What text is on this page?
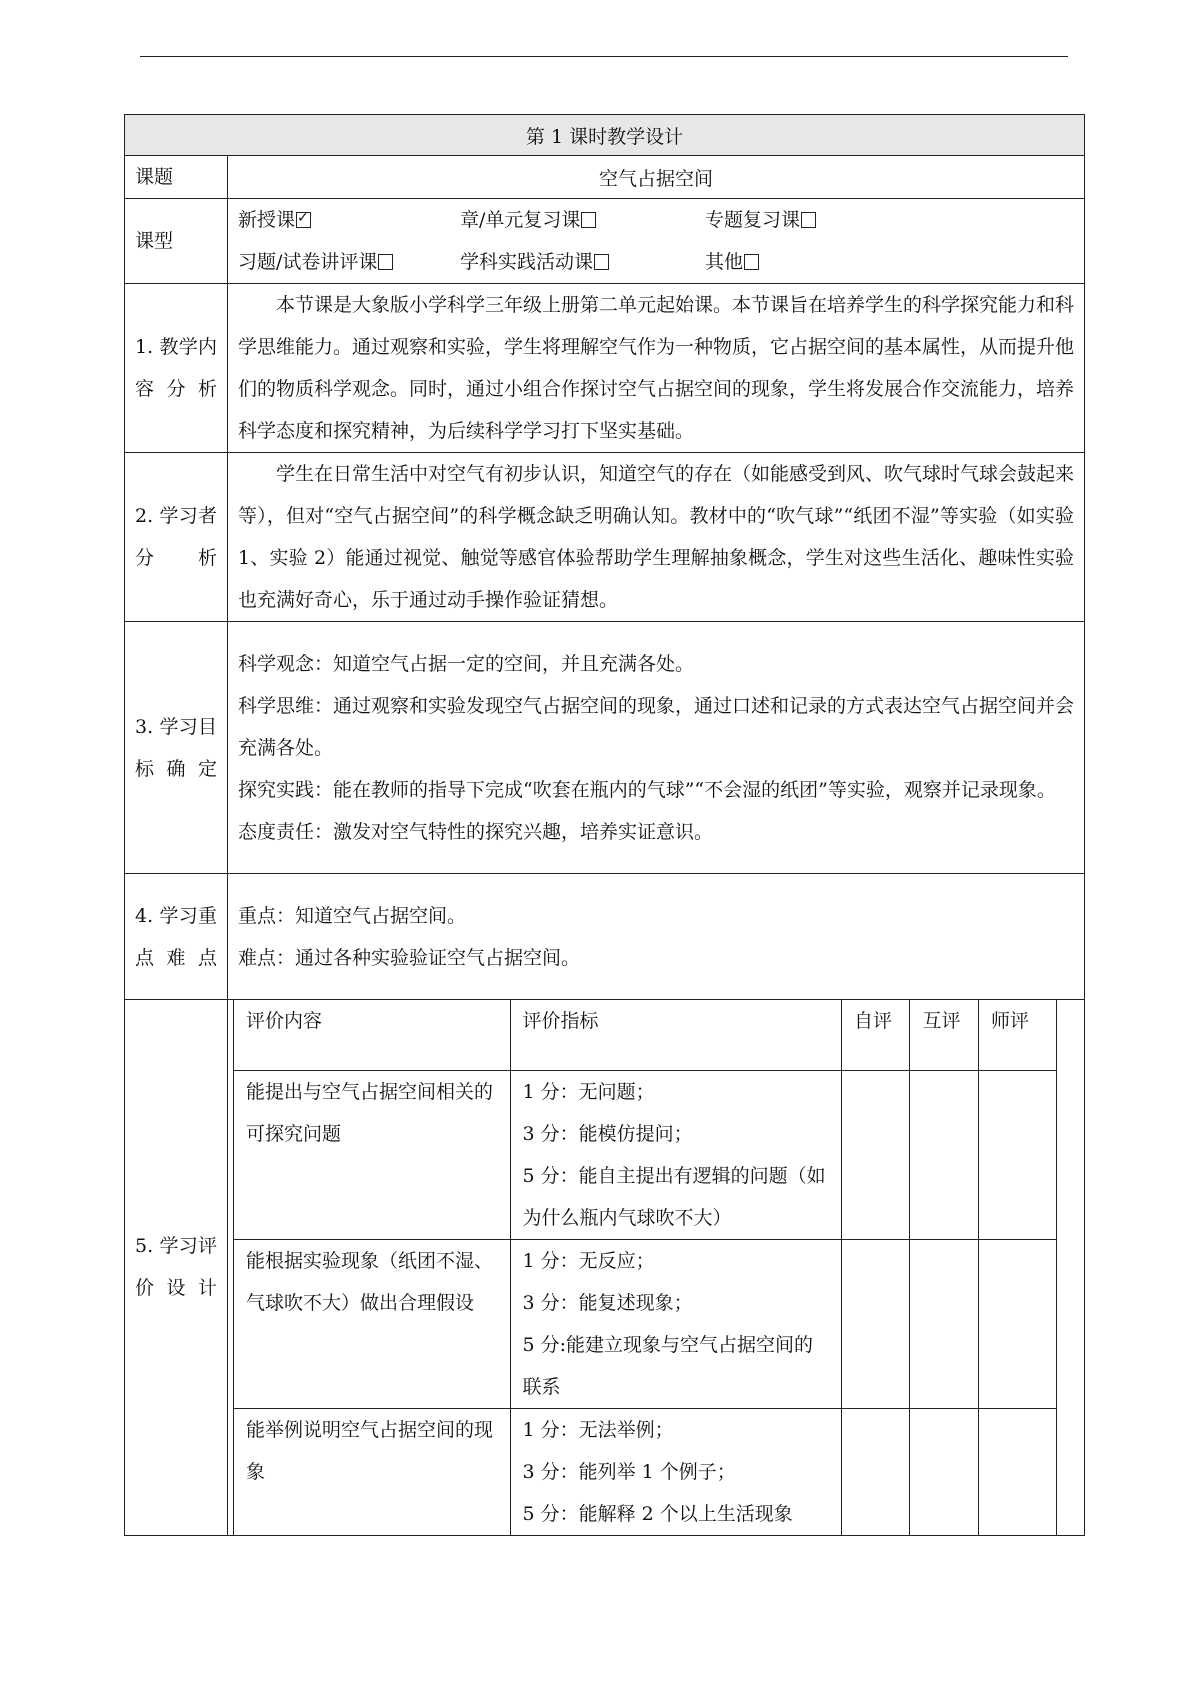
第 1 课时教学设计
课题	空气占据空间
课型	
新授课✓	章/单元复习课	专题复习课
习题/试卷讲评课	学科实践活动课	其他

1. 教学内容分析	
本节课是大象版小学科学三年级上册第二单元起始课。本节课旨在培养学生的科学探究能力和科学思维能力。通过观察和实验，学生将理解空气作为一种物质，它占据空间的基本属性，从而提升他们的物质科学观念。同时，通过小组合作探讨空气占据空间的现象，学生将发展合作交流能力，培养科学态度和探究精神，为后续科学学习打下坚实基础。

2. 学习者分析	
学生在日常生活中对空气有初步认识，知道空气的存在（如能感受到风、吹气球时气球会鼓起来等），但对“空气占据空间”的科学概念缺乏明确认知。教材中的“吹气球”“纸团不湿”等实验（如实验 1、实验 2）能通过视觉、触觉等感官体验帮助学生理解抽象概念，学生对这些生活化、趣味性实验也充满好奇心，乐于通过动手操作验证猜想。

3. 学习目标确定	
科学观念：知道空气占据一定的空间，并且充满各处。
科学思维：通过观察和实验发现空气占据空间的现象，通过口述和记录的方式表达空气占据空间并会充满各处。
探究实践：能在教师的指导下完成“吹套在瓶内的气球”“不会湿的纸团”等实验，观察并记录现象。
态度责任：激发对空气特性的探究兴趣，培养实证意识。

4. 学习重点难点	
重点：知道空气占据空间。
难点：通过各种实验验证空气占据空间。

5. 学习评价设计	
评价内容	评价指标	自评	互评	师评
能提出与空气占据空间相关的可探究问题	
1 分：无问题；
3 分：能模仿提问；
5 分：能自主提出有逻辑的问题（如为什么瓶内气球吹不大）

能根据实验现象（纸团不湿、气球吹不大）做出合理假设	
1 分：无反应；
3 分：能复述现象；
5 分:能建立现象与空气占据空间的联系

能举例说明空气占据空间的现象	
1 分：无法举例；
3 分：能列举 1 个例子；
5 分：能解释 2 个以上生活现象
